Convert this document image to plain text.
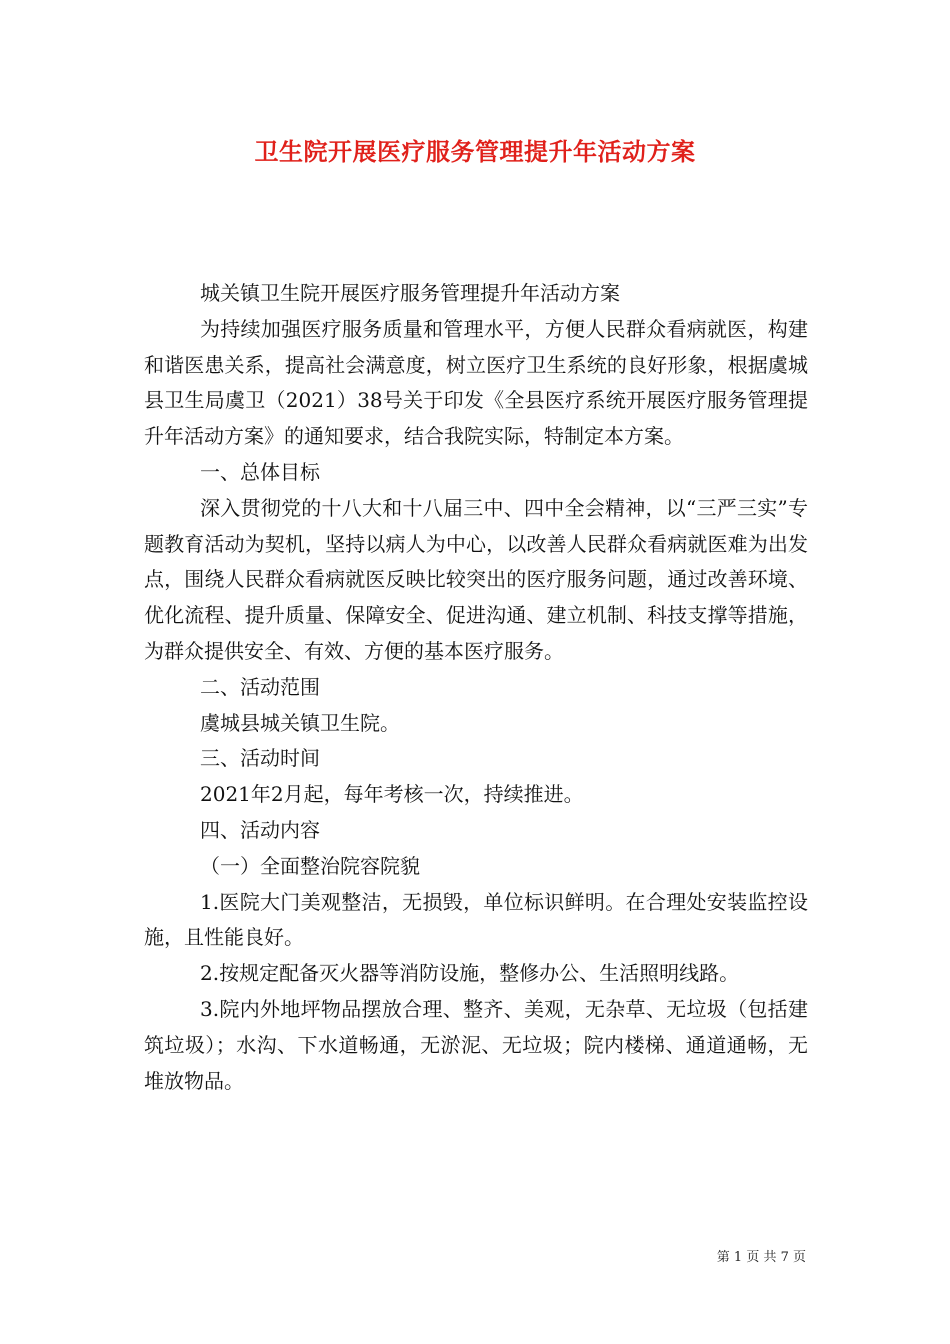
卫生院开展医疗服务管理提升年活动方案

城关镇卫生院开展医疗服务管理提升年活动方案

为持续加强医疗服务质量和管理水平，方便人民群众看病就医，构建和谐医患关系，提高社会满意度，树立医疗卫生系统的良好形象，根据虞城县卫生局虞卫（2021）38号关于印发《全县医疗系统开展医疗服务管理提升年活动方案》的通知要求，结合我院实际，特制定本方案。

一、总体目标

深入贯彻党的十八大和十八届三中、四中全会精神，以“三严三实”专题教育活动为契机，坚持以病人为中心，以改善人民群众看病就医难为出发点，围绕人民群众看病就医反映比较突出的医疗服务问题，通过改善环境、优化流程、提升质量、保障安全、促进沟通、建立机制、科技支撑等措施，为群众提供安全、有效、方便的基本医疗服务。

二、活动范围

虞城县城关镇卫生院。

三、活动时间

2021年2月起，每年考核一次，持续推进。

四、活动内容

（一）全面整治院容院貌

1.医院大门美观整洁，无损毁，单位标识鲜明。在合理处安装监控设施，且性能良好。

2.按规定配备灭火器等消防设施，整修办公、生活照明线路。

3.院内外地坪物品摆放合理、整齐、美观，无杂草、无垃圾（包括建筑垃圾）；水沟、下水道畅通，无淤泥、无垃圾；院内楼梯、通道通畅，无堆放物品。

第 1 页 共 7 页
